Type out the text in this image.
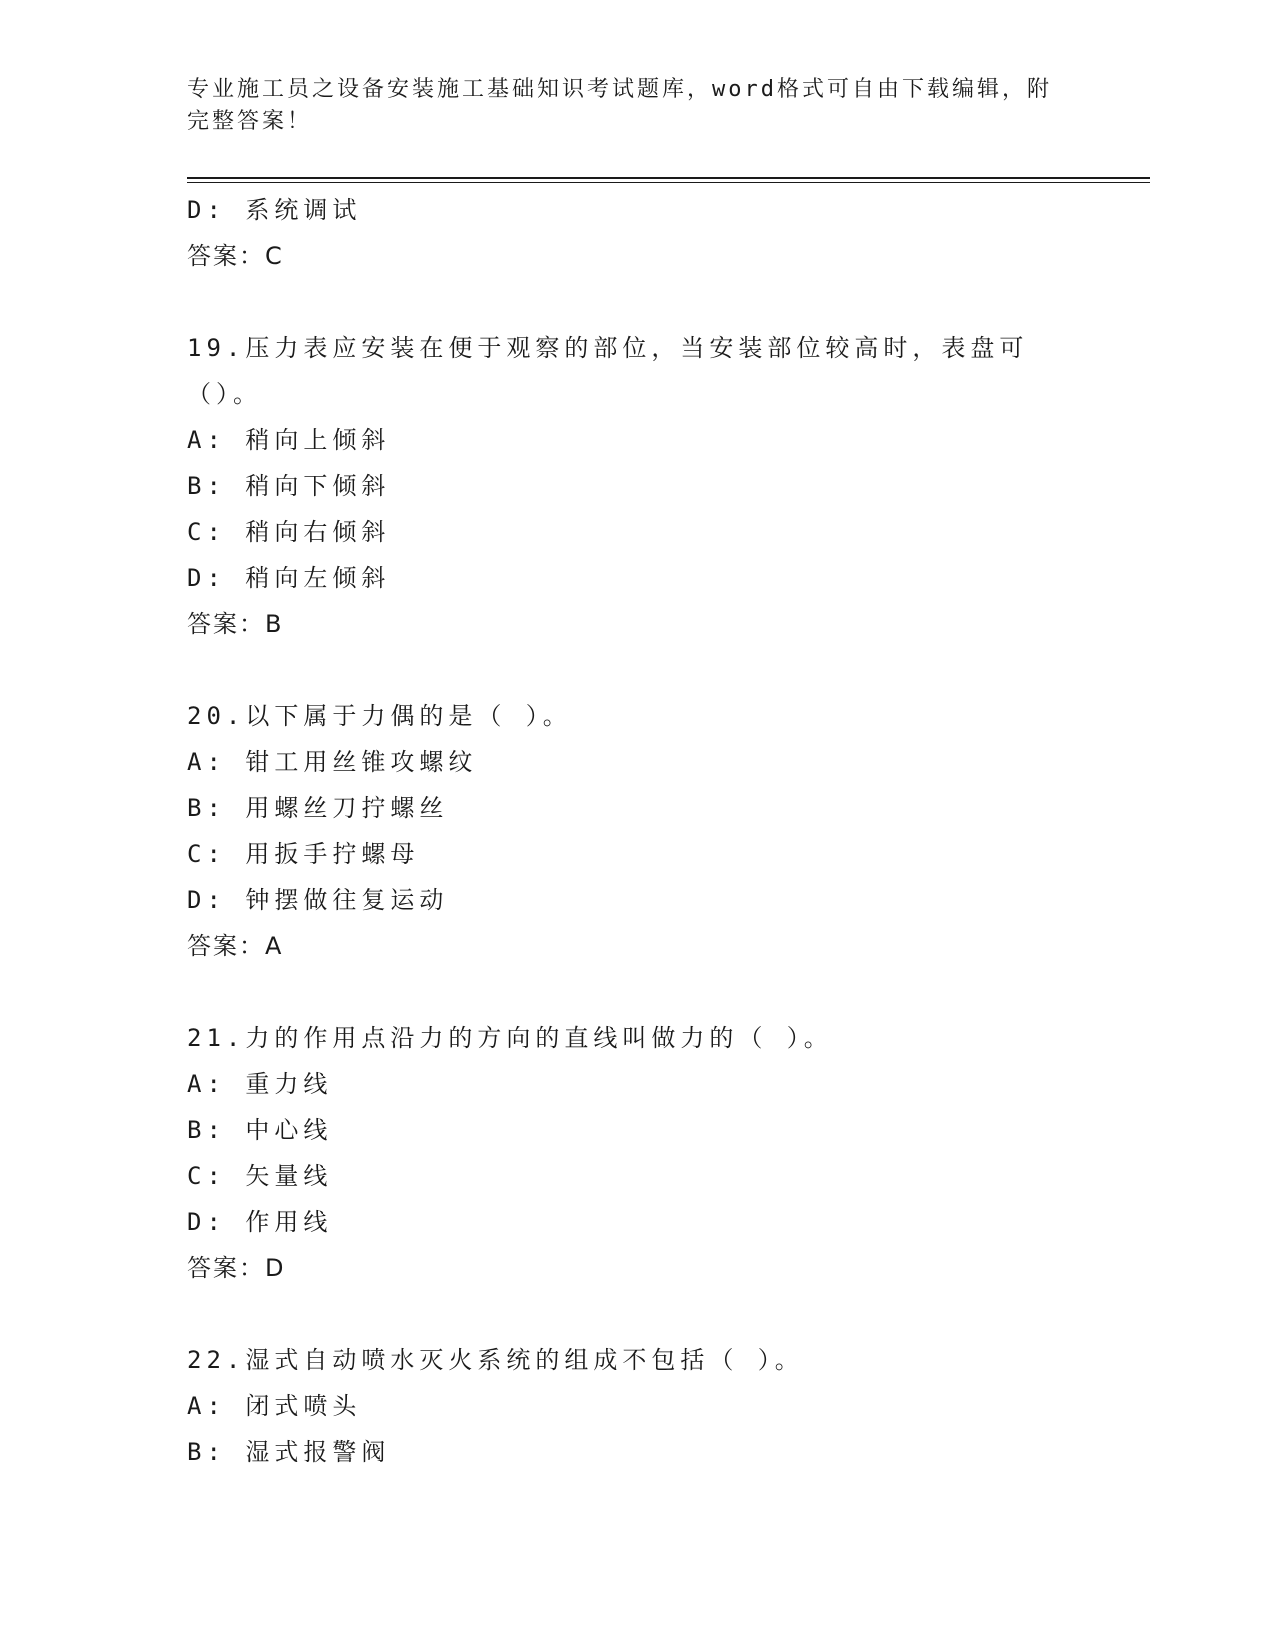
专业施工员之设备安装施工基础知识考试题库，word格式可自由下载编辑，附完整答案！
D: 系统调试
答案：C
19.压力表应安装在便于观察的部位，当安装部位较高时，表盘可（）。
A: 稍向上倾斜
B: 稍向下倾斜
C: 稍向右倾斜
D: 稍向左倾斜
答案：B
20.以下属于力偶的是（ ）。
A: 钳工用丝锥攻螺纹
B: 用螺丝刀拧螺丝
C: 用扳手拧螺母
D: 钟摆做往复运动
答案：A
21.力的作用点沿力的方向的直线叫做力的（ ）。
A: 重力线
B: 中心线
C: 矢量线
D: 作用线
答案：D
22.湿式自动喷水灭火系统的组成不包括（ ）。
A: 闭式喷头
B: 湿式报警阀
